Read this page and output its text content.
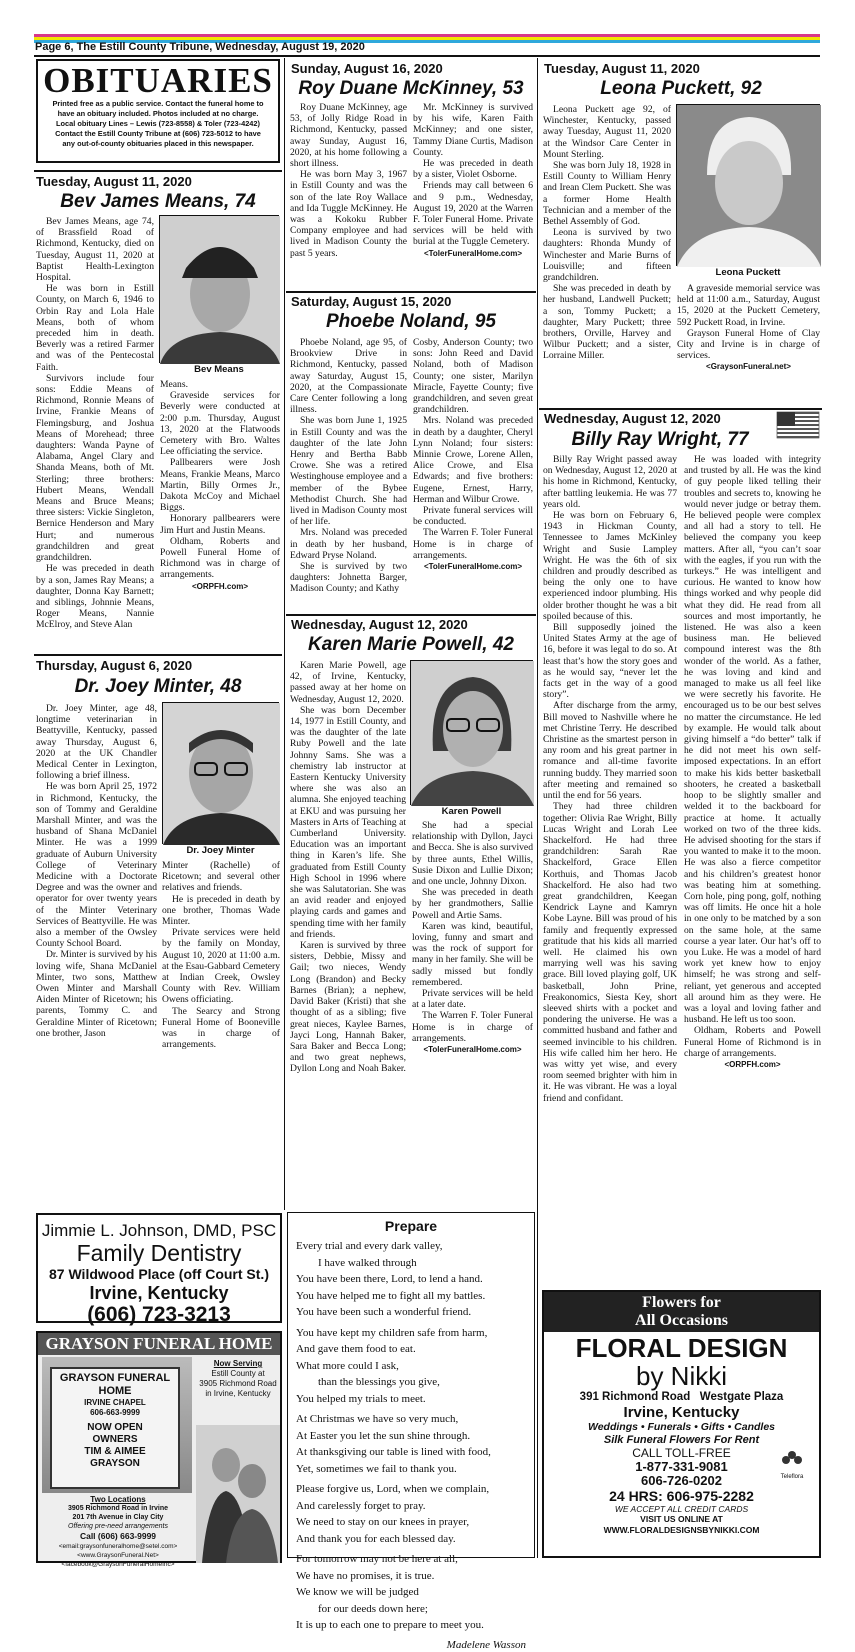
Page 6, The Estill County Tribune, Wednesday, August 19, 2020
OBITUARIES
Printed free as a public service. Contact the funeral home to
have an obituary included. Photos included at no charge.
Local obituary Lines – Lewis (723-8558) & Toler (723-4242)
Contact the Estill County Tribune at (606) 723-5012 to have
any out-of-county obituaries placed in this newspaper.
Tuesday, August 11, 2020
Bev James Means, 74
Bev Means

Bev James Means, age 74, of Brassfield Road of Richmond, Kentucky, died on Tuesday, August 11, 2020 at Baptist Health-Lexington Hospital.

He was born in Estill County, on March 6, 1946 to Orbin Ray and Lola Hale Means, both of whom preceded him in death. Beverly was a retired Farmer and was of the Pentecostal Faith.

Survivors include four sons: Eddie Means of Richmond, Ronnie Means of Irvine, Frankie Means of Flemingsburg, and Joshua Means of Morehead; three daughters: Wanda Payne of Alabama, Angel Clary and Shanda Means, both of Mt. Sterling; three brothers: Hubert Means, Wendall Means and Bruce Means; three sisters: Vickie Singleton, Bernice Henderson and Mary Hurt; and numerous grandchildren and great grandchildren.

He was preceded in death by a son, James Ray Means; a daughter, Donna Kay Barnett; and siblings, Johnnie Means, Roger Means, Nannie McElroy, and Steve Alan

Means.

Graveside services for Beverly were conducted at 2:00 p.m. Thursday, August 13, 2020 at the Flatwoods Cemetery with Bro. Waltes Lee officiating the service.

Pallbearers were Josh Means, Frankie Means, Marco Martin, Billy Ormes Jr., Dakota McCoy and Michael Biggs.

Honorary pallbearers were Jim Hurt and Justin Means.

Oldham, Roberts and Powell Funeral Home of Richmond was in charge of arrangements.

<ORPFH.com>
Thursday, August 6, 2020
Dr. Joey Minter, 48
Dr. Joey Minter

Dr. Joey Minter, age 48, longtime veterinarian in Beattyville, Kentucky, passed away Thursday, August 6, 2020 at the UK Chandler Medical Center in Lexington, following a brief illness.

He was born April 25, 1972 in Richmond, Kentucky, the son of Tommy and Geraldine Marshall Minter, and was the husband of Shana McDaniel Minter. He was a 1999 graduate of Auburn University College of Veterinary Medicine with a Doctorate Degree and was the owner and operator for over twenty years of the Minter Veterinary Services of Beattyville. He was also a member of the Owsley County School Board.

Dr. Minter is survived by his loving wife, Shana McDaniel Minter, two sons, Matthew Owen Minter and Marshall Aiden Minter of Ricetown; his parents, Tommy C. and Geraldine Minter of Ricetown; one brother, Jason

Minter (Rachelle) of Ricetown; and several other relatives and friends.

He is preceded in death by one brother, Thomas Wade Minter.

Private services were held by the family on Monday, August 10, 2020 at 11:00 a.m. at the Esau-Gabbard Cemetery at Indian Creek, Owsley County with Rev. William Owens officiating.

The Searcy and Strong Funeral Home of Booneville was in charge of arrangements.

Jimmie L. Johnson, DMD, PSC
Family Dentistry
87 Wildwood Place (off Court St.)
Irvine, Kentucky
(606) 723-3213
GRAYSON FUNERAL HOME
GRAYSON FUNERAL HOME
IRVINE CHAPEL
606-663-9999
NOW OPEN
OWNERS
TIM & AIMEE
GRAYSON
Now Serving
Estill County at
3905 Richmond Road
in Irvine, Kentucky
Two Locations
3905 Richmond Road in Irvine
201 7th Avenue in Clay City
Offering pre-need arrangements
Call (606) 663-9999
<email:graysonfuneralhome@setel.com>
<www.GraysonFuneral.Net>
<facebook@GraysonFuneralHomeInc>
Sunday, August 16, 2020
Roy Duane McKinney, 53

Roy Duane McKinney, age 53, of Jolly Ridge Road in Richmond, Kentucky, passed away Sunday, August 16, 2020, at his home following a short illness.

He was born May 3, 1967 in Estill County and was the son of the late Roy Wallace and Ida Tuggle McKinney. He was a Kokoku Rubber Company employee and had lived in Madison County the past 5 years.

Mr. McKinney is survived by his wife, Karen Faith McKinney; and one sister, Tammy Diane Curtis, Madison County.

He was preceded in death by a sister, Violet Osborne.

Friends may call between 6 and 9 p.m., Wednesday, August 19, 2020 at the Warren F. Toler Funeral Home. Private services will be held with burial at the Tuggle Cemetery.

<TolerFuneralHome.com>
Saturday, August 15, 2020
Phoebe Noland, 95

Phoebe Noland, age 95, of Brookview Drive in Richmond, Kentucky, passed away Saturday, August 15, 2020, at the Compassionate Care Center following a long illness.

She was born June 1, 1925 in Estill County and was the daughter of the late John Henry and Bertha Babb Crowe. She was a retired Westinghouse employee and a member of the Bybee Methodist Church. She had lived in Madison County most of her life.

Mrs. Noland was preceded in death by her husband, Edward Pryse Noland.

She is survived by two daughters: Johnetta Barger, Madison County; and Kathy

Cosby, Anderson County; two sons: John Reed and David Noland, both of Madison County; one sister, Marilyn Miracle, Fayette County; five grandchildren, and seven great grandchildren.

Mrs. Noland was preceded in death by a daughter, Cheryl Lynn Noland; four sisters: Minnie Crowe, Lorene Allen, Alice Crowe, and Elsa Edwards; and five brothers: Eugene, Ernest, Harry, Herman and Wilbur Crowe.

Private funeral services will be conducted.

The Warren F. Toler Funeral Home is in charge of arrangements.

<TolerFuneralHome.com>
Wednesday, August 12, 2020
Karen Marie Powell, 42
Karen Powell

Karen Marie Powell, age 42, of Irvine, Kentucky, passed away at her home on Wednesday, August 12, 2020.

She was born December 14, 1977 in Estill County, and was the daughter of the late Ruby Powell and the late Johnny Sams. She was a chemistry lab instructor at Eastern Kentucky University where she was also an alumna. She enjoyed teaching at EKU and was pursuing her Masters in Arts of Teaching at Cumberland University. Education was an important thing in Karen’s life. She graduated from Estill County High School in 1996 where she was Salutatorian. She was an avid reader and enjoyed playing cards and games and spending time with her family and friends.

Karen is survived by three sisters, Debbie, Missy and Gail; two nieces, Wendy Long (Brandon) and Becky Barnes (Brian); a nephew, David Baker (Kristi) that she thought of as a sibling; five great nieces, Kaylee Barnes, Jayci Long, Hannah Baker, Sara Baker and Becca Long; and two great nephews, Dyllon Long and Noah Baker.

She had a special relationship with Dyllon, Jayci and Becca. She is also survived by three aunts, Ethel Willis, Susie Dixon and Lullie Dixon; and one uncle, Johnny Dixon.

She was preceded in death by her grandmothers, Sallie Powell and Artie Sams.

Karen was kind, beautiful, loving, funny and smart and was the rock of support for many in her family. She will be sadly missed but fondly remembered.

Private services will be held at a later date.

The Warren F. Toler Funeral Home is in charge of arrangements.

<TolerFuneralHome.com>
Prepare
Every trial and every dark valley,
I have walked through
You have been there, Lord, to lend a hand.
You have helped me to fight all my battles.
You have been such a wonderful friend.
You have kept my children safe from harm,
And gave them food to eat.
What more could I ask,
than the blessings you give,
You helped my trials to meet.
At Christmas we have so very much,
At Easter you let the sun shine through.
At thanksgiving our table is lined with food,
Yet, sometimes we fail to thank you.
Please forgive us, Lord, when we complain,
And carelessly forget to pray.
We need to stay on our knees in prayer,
And thank you for each blessed day.
For tomorrow may not be here at all,
We have no promises, it is true.
We know we will be judged
for our deeds down here;
It is up to each one to prepare to meet you.
Madelene Wasson
Tuesday, August 11, 2020
Leona Puckett, 92
Leona Puckett

Leona Puckett age 92, of Winchester, Kentucky, passed away Tuesday, August 11, 2020 at the Windsor Care Center in Mount Sterling.

She was born July 18, 1928 in Estill County to William Henry and Irean Clem Puckett. She was a former Home Health Technician and a member of the Bethel Assembly of God.

Leona is survived by two daughters: Rhonda Mundy of Winchester and Marie Burns of Louisville; and fifteen grandchildren.

She was preceded in death by her husband, Landwell Puckett; a son, Tommy Puckett; a daughter, Mary Puckett; three brothers, Orville, Harvey and Wilbur Puckett; and a sister, Lorraine Miller.

A graveside memorial service was held at 11:00 a.m., Saturday, August 15, 2020 at the Puckett Cemetery, 592 Puckett Road, in Irvine.

Grayson Funeral Home of Clay City and Irvine is in charge of services.

<GraysonFuneral.net>
Wednesday, August 12, 2020
Billy Ray Wright, 77

Billy Ray Wright passed away on Wednesday, August 12, 2020 at his home in Richmond, Kentucky, after battling leukemia. He was 77 years old.

He was born on February 6, 1943 in Hickman County, Tennessee to James McKinley Wright and Susie Lampley Wright. He was the 6th of six children and proudly described as being the only one to have experienced indoor plumbing. His older brother thought he was a bit spoiled because of this.

Bill supposedly joined the United States Army at the age of 16, before it was legal to do so. At least that’s how the story goes and as he would say, “never let the facts get in the way of a good story”.

After discharge from the army, Bill moved to Nashville where he met Christine Terry. He described Christine as the smartest person in any room and his great partner in romance and all-time favorite running buddy. They married soon after meeting and remained so until the end for 56 years.

They had three children together: Olivia Rae Wright, Billy Lucas Wright and Lorah Lee Shackelford. He had three grandchildren: Sarah Rae Shackelford, Grace Ellen Korthuis, and Thomas Jacob Shackelford. He also had two great grandchildren, Keegan Kendrick Layne and Kamryn Kobe Layne. Bill was proud of his family and frequently expressed gratitude that his kids all married well. He claimed his own marrying well was his saving grace. Bill loved playing golf, UK basketball, John Prine, Freakonomics, Siesta Key, short sleeved shirts with a pocket and pondering the universe. He was a committed husband and father and seemed invincible to his children. His wife called him her hero. He was witty yet wise, and every room seemed brighter with him in it. He was vibrant. He was a loyal friend and confidant.

He was loaded with integrity and trusted by all. He was the kind of guy people liked telling their troubles and secrets to, knowing he would never judge or betray them. He believed people were complex and all had a story to tell. He believed the company you keep matters. After all, “you can’t soar with the eagles, if you run with the turkeys.” He was intelligent and curious. He wanted to know how things worked and why people did what they did. He read from all sources and most importantly, he listened. He was also a keen business man. He believed compound interest was the 8th wonder of the world. As a father, he was loving and kind and managed to make us all feel like we were secretly his favorite. He encouraged us to be our best selves no matter the circumstance. He led by example. He would talk about giving himself a “do better” talk if he did not meet his own self-imposed expectations. In an effort to make his kids better basketball shooters, he created a basketball hoop to be slightly smaller and welded it to the backboard for practice at home. It actually worked on two of the three kids. He advised shooting for the stars if you wanted to make it to the moon. He was also a fierce competitor and his children’s greatest honor was beating him at something. Corn hole, ping pong, golf, nothing was off limits. He once hit a hole in one only to be matched by a son on the same hole, at the same course a year later. Our hat’s off to you Luke. He was a model of hard work yet knew how to enjoy himself; he was strong and self-reliant, yet generous and accepted all around him as they were. He was a loyal and loving father and husband. He left us too soon.

Oldham, Roberts and Powell Funeral Home of Richmond is in charge of arrangements.

<ORPFH.com>
Flowers for
All Occasions
FLORAL DESIGN
by Nikki
391 Richmond Road   Westgate Plaza
Irvine, Kentucky
Weddings • Funerals • Gifts • Candles
Silk Funeral Flowers For Rent
CALL TOLL-FREE
1-877-331-9081
606-726-0202	Teleflora
24 HRS: 606-975-2282
WE ACCEPT ALL CREDIT CARDS
VISIT US ONLINE AT
WWW.FLORALDESIGNSBYNIKKI.COM
